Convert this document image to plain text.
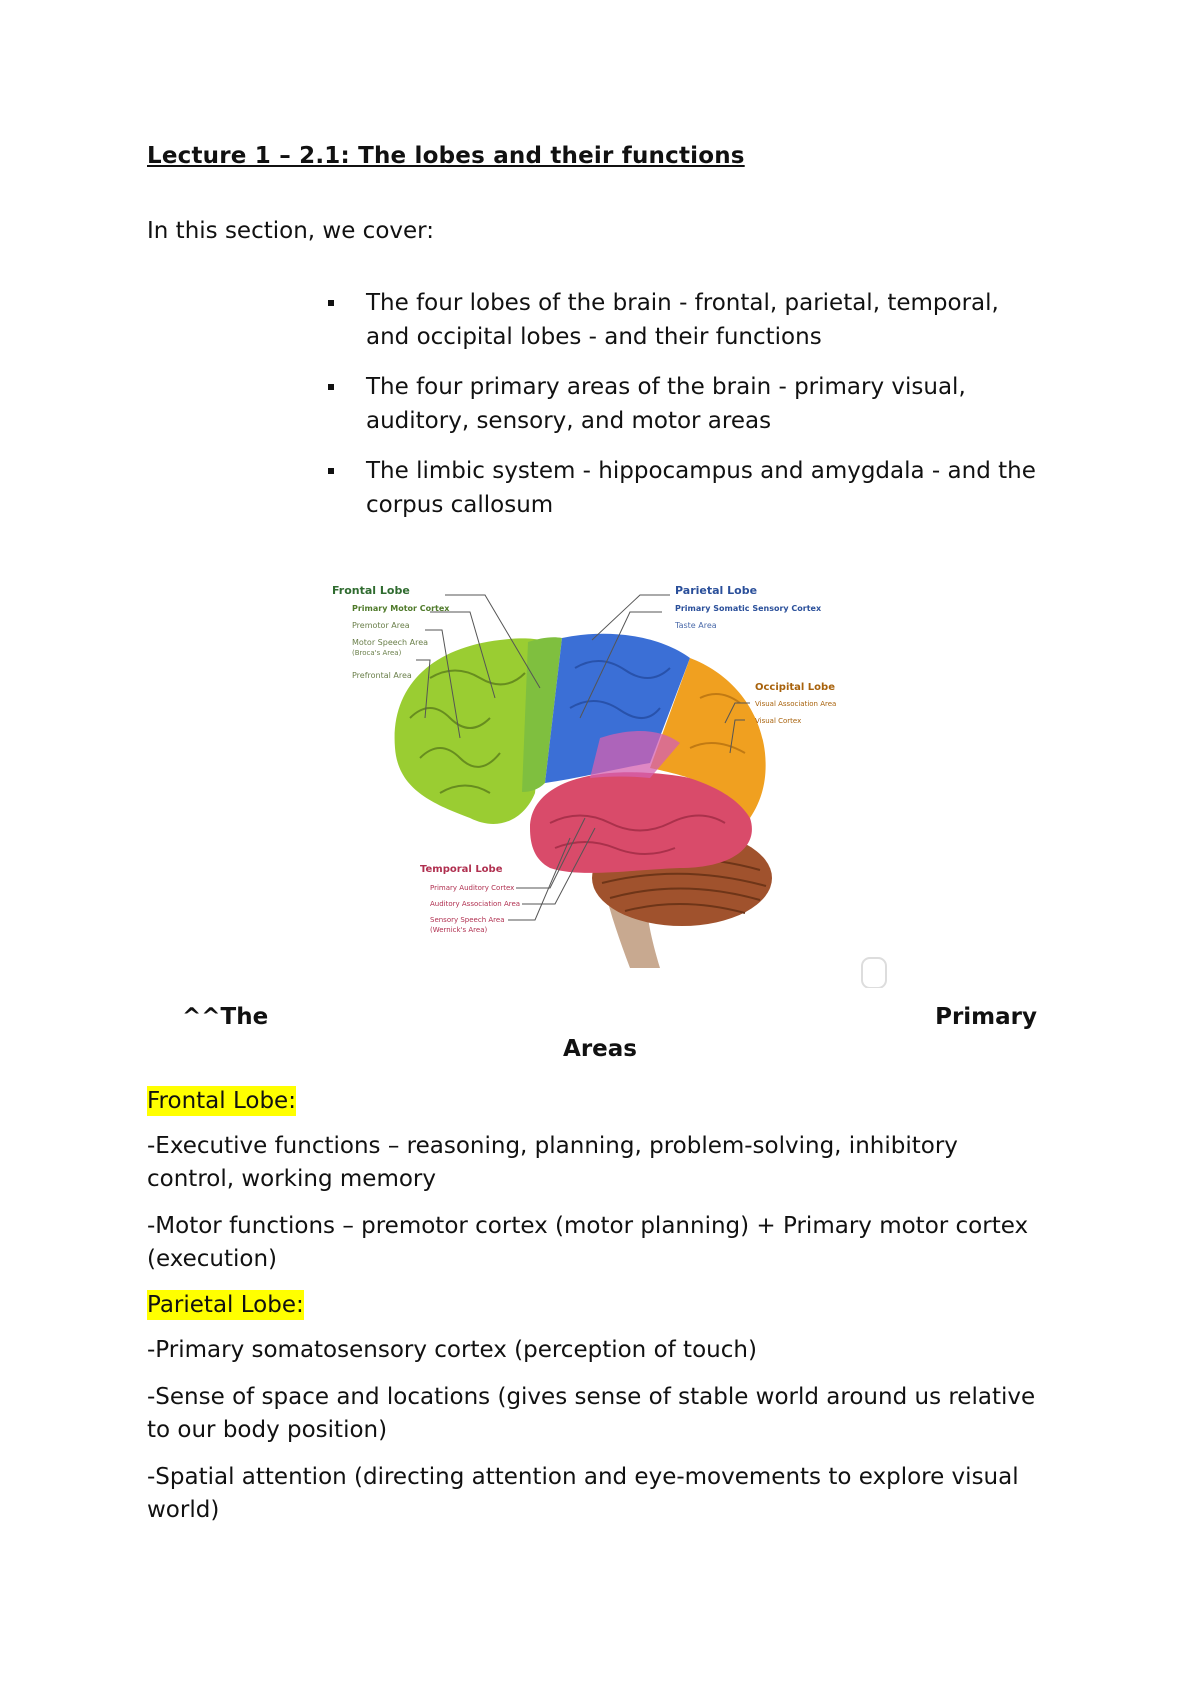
Lecture 1 – 2.1: The lobes and their functions
In this section, we cover:
The four lobes of the brain - frontal, parietal, temporal, and occipital lobes - and their functions
The four primary areas of the brain - primary visual, auditory, sensory, and motor areas
The limbic system - hippocampus and amygdala - and the corpus callosum
Frontal Lobe
Primary Motor Cortex
Premotor Area
Motor Speech Area
(Broca's Area)
Prefrontal Area
Parietal Lobe
Primary Somatic Sensory Cortex
Taste Area
Occipital Lobe
Visual Association Area
Visual Cortex
Temporal Lobe
Primary Auditory Cortex
Auditory Association Area
Sensory Speech Area
(Wernick's Area)
^^The	Primary
Areas
Frontal Lobe:
-Executive functions – reasoning, planning, problem-solving, inhibitory control, working memory
-Motor functions – premotor cortex (motor planning) + Primary motor cortex (execution)
Parietal Lobe:
-Primary somatosensory cortex (perception of touch)
-Sense of space and locations (gives sense of stable world around us relative to our body position)
-Spatial attention (directing attention and eye-movements to explore visual world)
